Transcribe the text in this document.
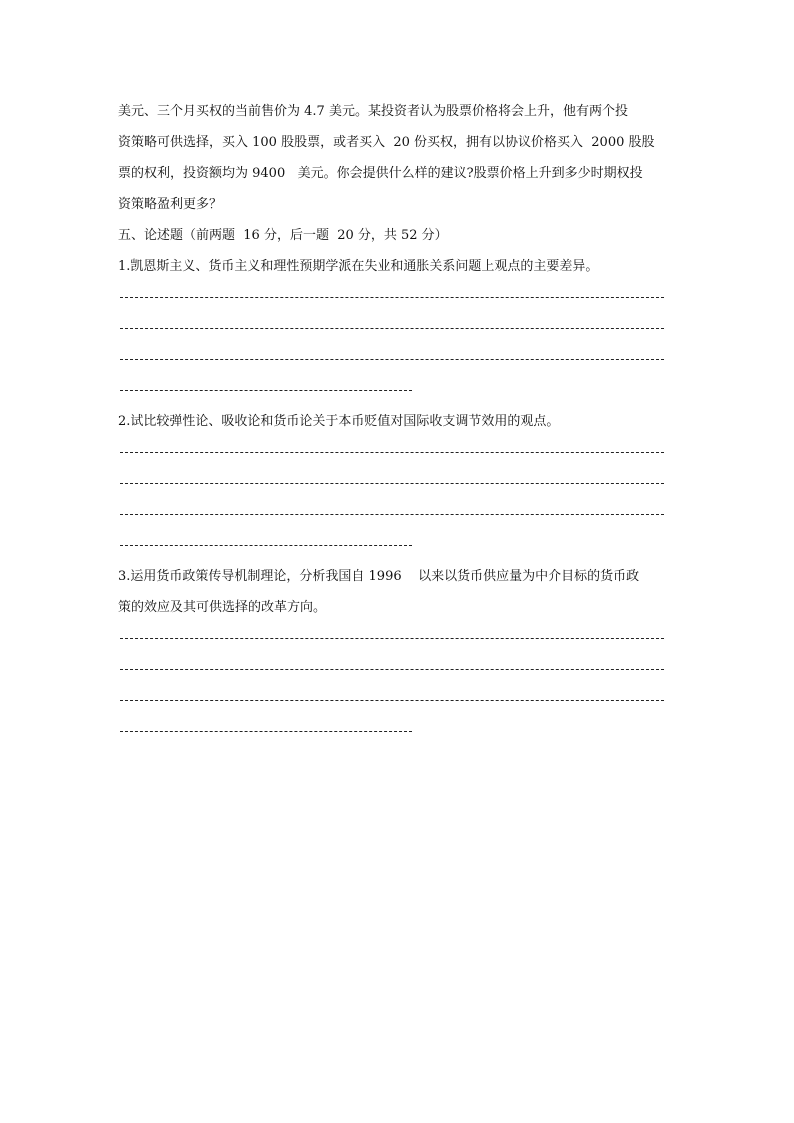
美元、三个月买权的当前售价为 4.7 美元。某投资者认为股票价格将会上升，他有两个投
资策略可供选择，买入 100 股股票，或者买入  20 份买权，拥有以协议价格买入  2000 股股
票的权利，投资额均为 9400   美元。你会提供什么样的建议?股票价格上升到多少时期权投
资策略盈利更多？
五、论述题（前两题  16 分，后一题  20 分，共 52 分）
1.凯恩斯主义、货币主义和理性预期学派在失业和通胀关系问题上观点的主要差异。
2.试比较弹性论、吸收论和货币论关于本币贬值对国际收支调节效用的观点。
3.运用货币政策传导机制理论，分析我国自 1996    以来以货币供应量为中介目标的货币政
策的效应及其可供选择的改革方向。
